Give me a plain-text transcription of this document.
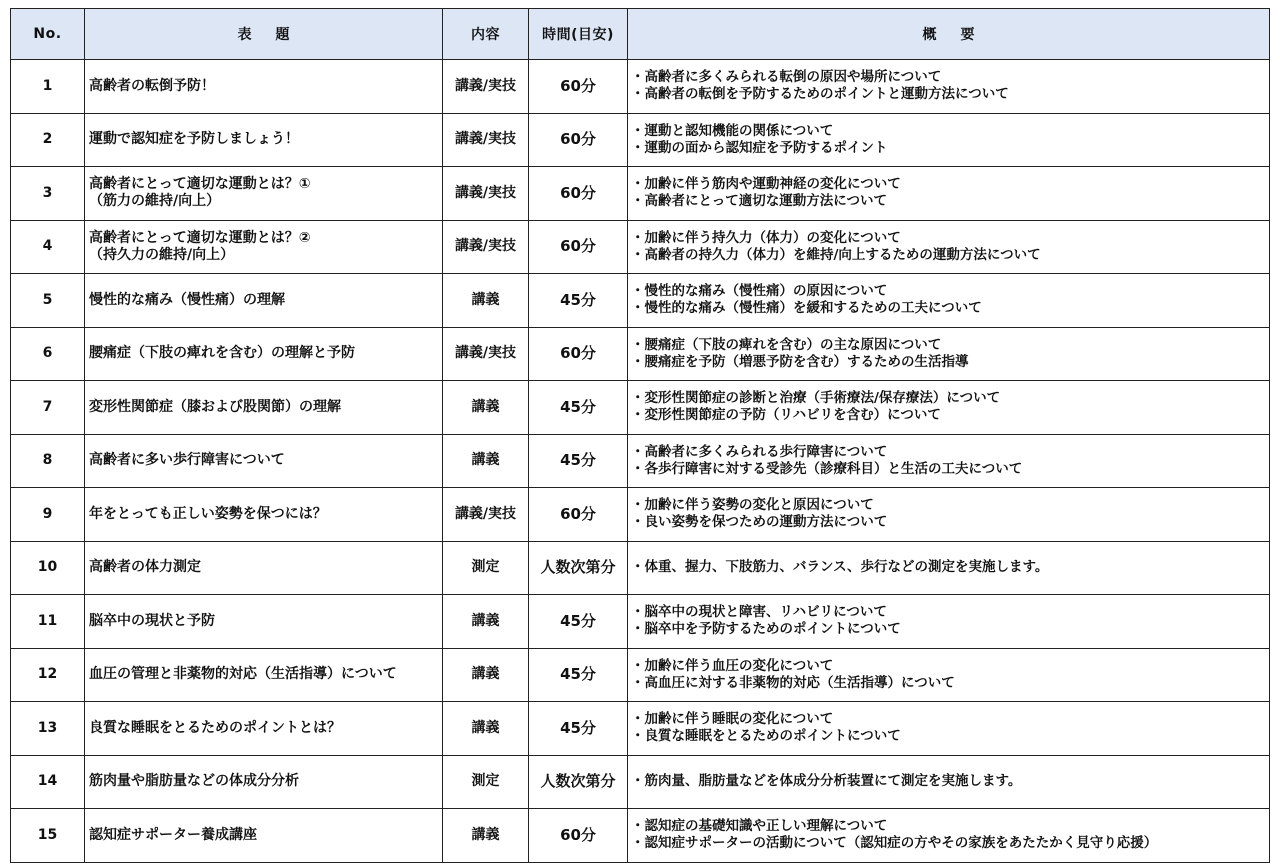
No.	表題	内容	時間(目安)	概要
1	高齢者の転倒予防！	講義/実技	60分	・高齢者に多くみられる転倒の原因や場所について
・高齢者の転倒を予防するためのポイントと運動方法について

2	運動で認知症を予防しましょう！	講義/実技	60分	・運動と認知機能の関係について
・運動の面から認知症を予防するポイント

3	高齢者にとって適切な運動とは？①
（筋力の維持/向上）	講義/実技	60分	・加齢に伴う筋肉や運動神経の変化について
・高齢者にとって適切な運動方法について

4	高齢者にとって適切な運動とは？②
（持久力の維持/向上）	講義/実技	60分	・加齢に伴う持久力（体力）の変化について
・高齢者の持久力（体力）を維持/向上するための運動方法について

5	慢性的な痛み（慢性痛）の理解	講義	45分	・慢性的な痛み（慢性痛）の原因について
・慢性的な痛み（慢性痛）を緩和するための工夫について

6	腰痛症（下肢の痺れを含む）の理解と予防	講義/実技	60分	・腰痛症（下肢の痺れを含む）の主な原因について
・腰痛症を予防（増悪予防を含む）するための生活指導

7	変形性関節症（膝および股関節）の理解	講義	45分	・変形性関節症の診断と治療（手術療法/保存療法）について
・変形性関節症の予防（リハビリを含む）について

8	高齢者に多い歩行障害について	講義	45分	・高齢者に多くみられる歩行障害について
・各歩行障害に対する受診先（診療科目）と生活の工夫について

9	年をとっても正しい姿勢を保つには？	講義/実技	60分	・加齢に伴う姿勢の変化と原因について
・良い姿勢を保つための運動方法について

10	高齢者の体力測定	測定	人数次第分	・体重、握力、下肢筋力、バランス、歩行などの測定を実施します。

11	脳卒中の現状と予防	講義	45分	・脳卒中の現状と障害、リハビリについて
・脳卒中を予防するためのポイントについて

12	血圧の管理と非薬物的対応（生活指導）について	講義	45分	・加齢に伴う血圧の変化について
・高血圧に対する非薬物的対応（生活指導）について

13	良質な睡眠をとるためのポイントとは？	講義	45分	・加齢に伴う睡眠の変化について
・良質な睡眠をとるためのポイントについて

14	筋肉量や脂肪量などの体成分分析	測定	人数次第分	・筋肉量、脂肪量などを体成分分析装置にて測定を実施します。

15	認知症サポーター養成講座	講義	60分	・認知症の基礎知識や正しい理解について
・認知症サポーターの活動について（認知症の方やその家族をあたたかく見守り応援）
